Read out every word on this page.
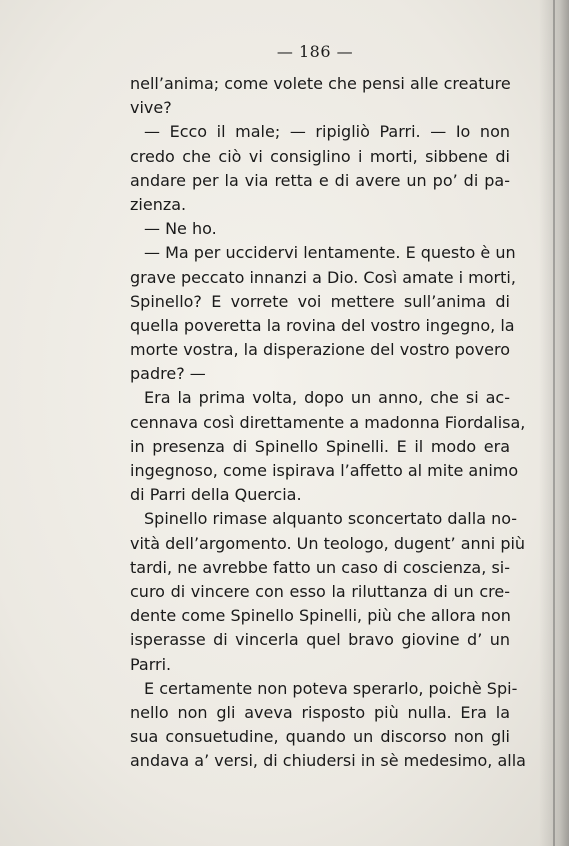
— 186 —
nell’anima; come volete che pensi alle creature
vive?
— Ecco il male; — ripigliò Parri. — Io non
credo che ciò vi consiglino i morti, sibbene di
andare per la via retta e di avere un po’ di pa-
zienza.
— Ne ho.
— Ma per uccidervi lentamente. E questo è un
grave peccato innanzi a Dio. Così amate i morti,
Spinello? E vorrete voi mettere sull’anima di
quella poveretta la rovina del vostro ingegno, la
morte vostra, la disperazione del vostro povero
padre? —
Era la prima volta, dopo un anno, che si ac-
cennava così direttamente a madonna Fiordalisa,
in presenza di Spinello Spinelli. E il modo era
ingegnoso, come ispirava l’affetto al mite animo
di Parri della Quercia.
Spinello rimase alquanto sconcertato dalla no-
vità dell’argomento. Un teologo, dugent’ anni più
tardi, ne avrebbe fatto un caso di coscienza, si-
curo di vincere con esso la riluttanza di un cre-
dente come Spinello Spinelli, più che allora non
isperasse di vincerla quel bravo giovine d’ un
Parri.
E certamente non poteva sperarlo, poichè Spi-
nello non gli aveva risposto più nulla. Era la
sua consuetudine, quando un discorso non gli
andava a’ versi, di chiudersi in sè medesimo, alla
